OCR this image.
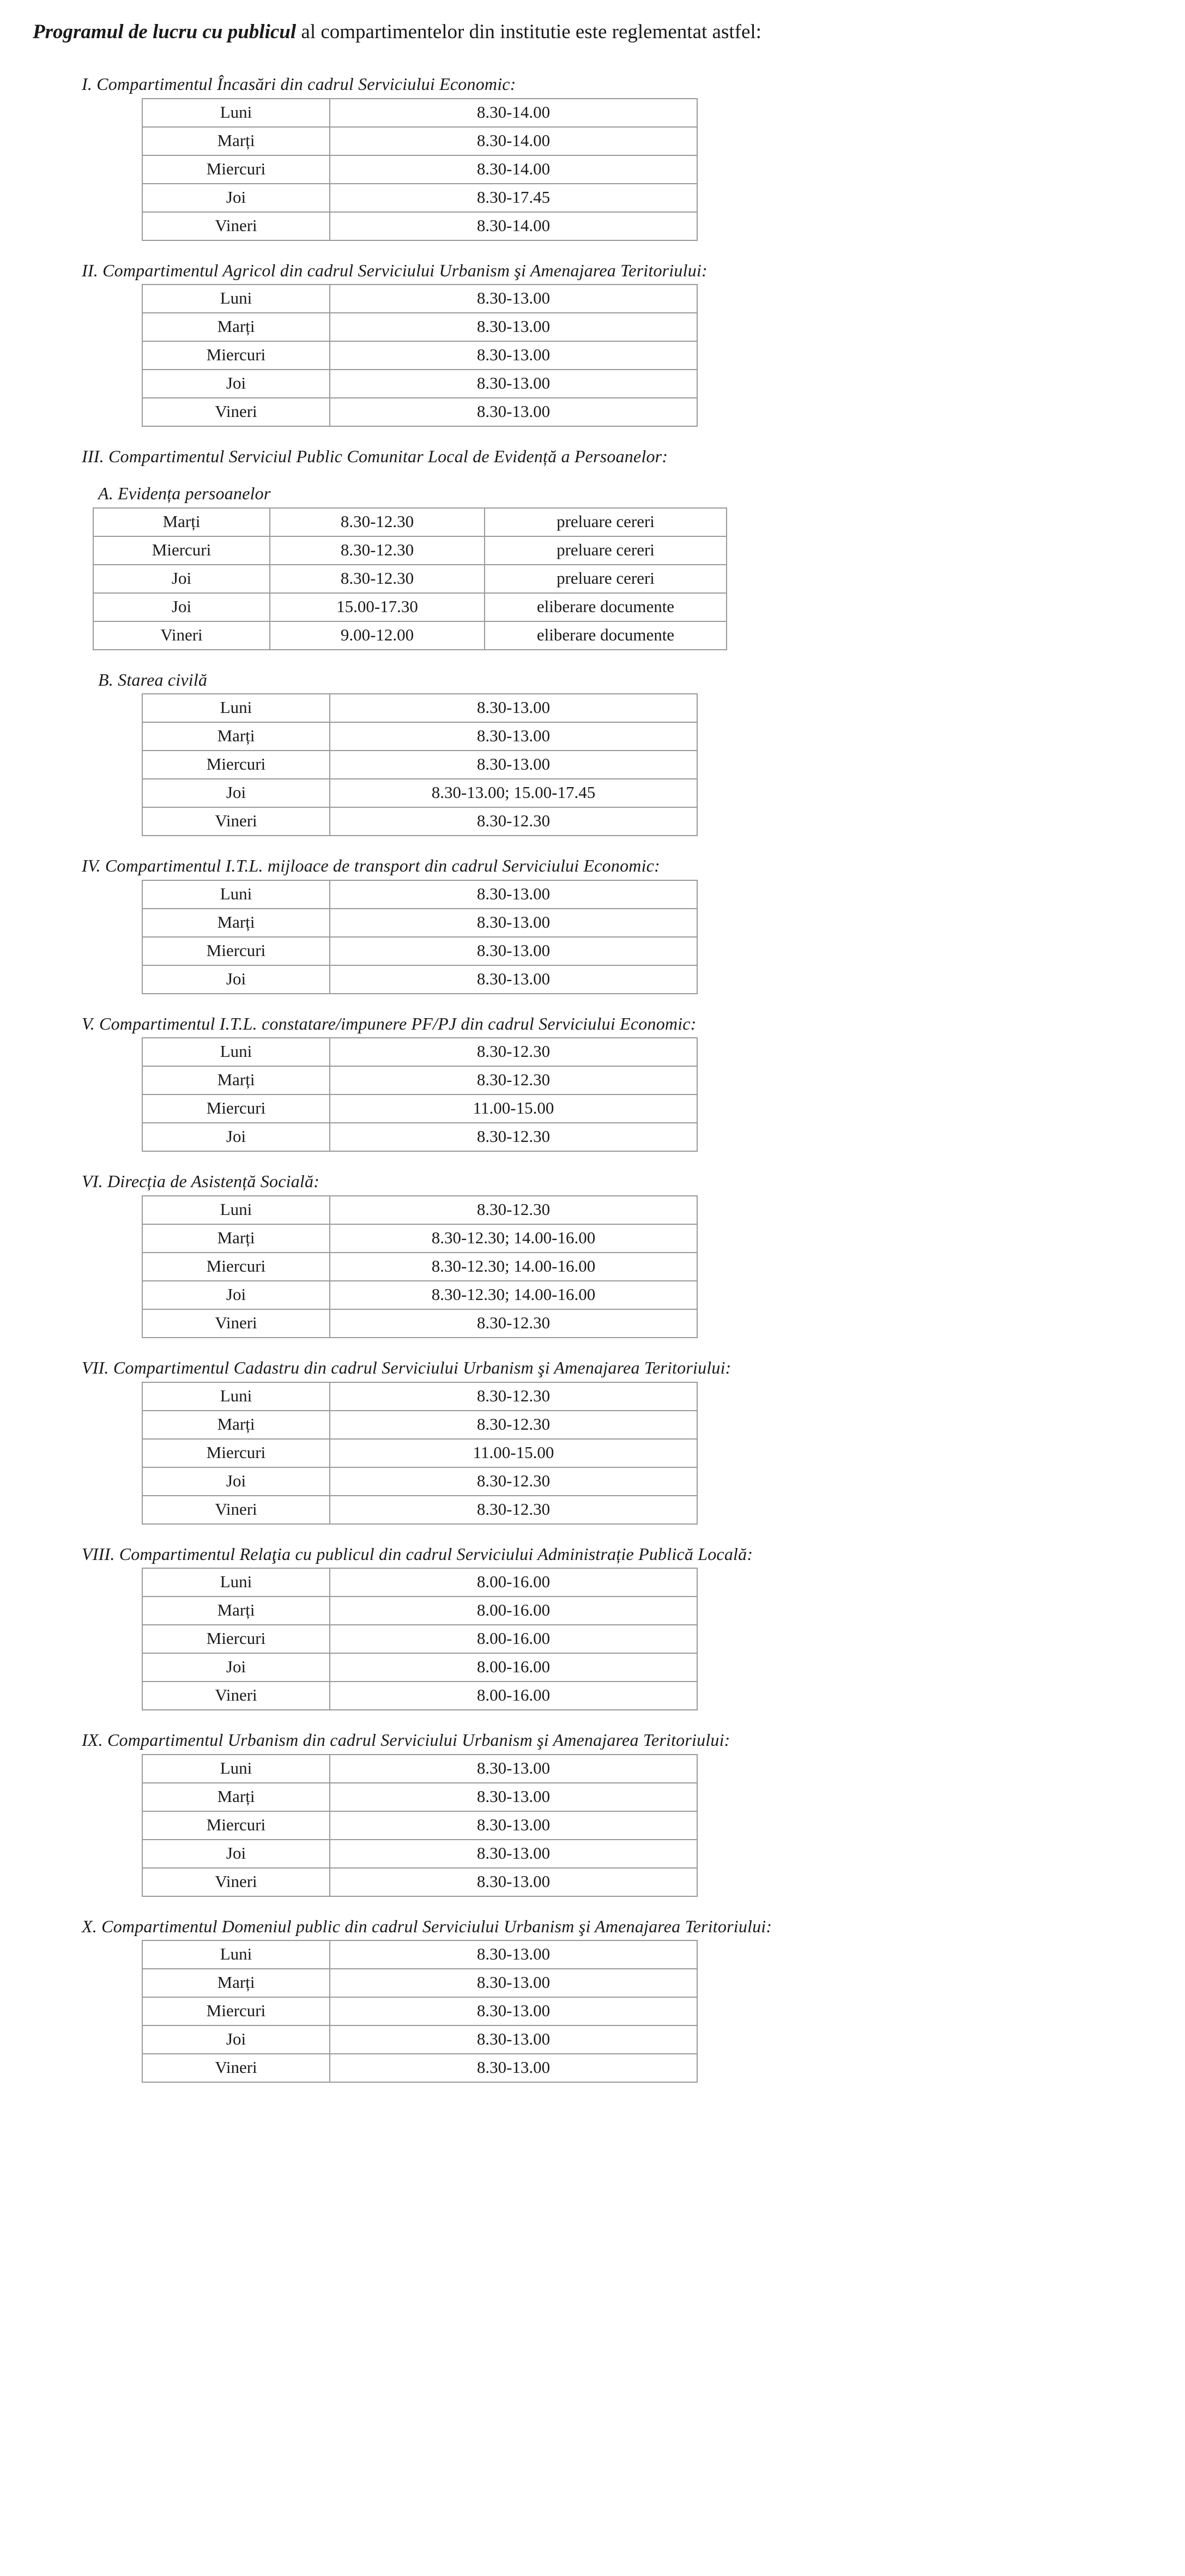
Programul de lucru cu publicul al compartimentelor din institutie este reglementat astfel:

I. Compartimentul Încasări din cadrul Serviciului Economic:
Luni	8.30-14.00
Marți	8.30-14.00
Miercuri	8.30-14.00
Joi	8.30-17.45
Vineri	8.30-14.00
II. Compartimentul Agricol din cadrul Serviciului Urbanism şi Amenajarea Teritoriului:
Luni	8.30-13.00
Marți	8.30-13.00
Miercuri	8.30-13.00
Joi	8.30-13.00
Vineri	8.30-13.00
III. Compartimentul Serviciul Public Comunitar Local de Evidență a Persoanelor:
A. Evidența persoanelor
Marți	8.30-12.30	preluare cereri
Miercuri	8.30-12.30	preluare cereri
Joi	8.30-12.30	preluare cereri
Joi	15.00-17.30	eliberare documente
Vineri	9.00-12.00	eliberare documente
B. Starea civilă
Luni	8.30-13.00
Marți	8.30-13.00
Miercuri	8.30-13.00
Joi	8.30-13.00; 15.00-17.45
Vineri	8.30-12.30
IV. Compartimentul I.T.L. mijloace de transport din cadrul Serviciului Economic:
Luni	8.30-13.00
Marți	8.30-13.00
Miercuri	8.30-13.00
Joi	8.30-13.00
V. Compartimentul I.T.L. constatare/impunere PF/PJ din cadrul Serviciului Economic:
Luni	8.30-12.30
Marți	8.30-12.30
Miercuri	11.00-15.00
Joi	8.30-12.30
VI. Direcția de Asistență Socială:
Luni	8.30-12.30
Marți	8.30-12.30; 14.00-16.00
Miercuri	8.30-12.30; 14.00-16.00
Joi	8.30-12.30; 14.00-16.00
Vineri	8.30-12.30
VII. Compartimentul Cadastru din cadrul Serviciului Urbanism şi Amenajarea Teritoriului:
Luni	8.30-12.30
Marți	8.30-12.30
Miercuri	11.00-15.00
Joi	8.30-12.30
Vineri	8.30-12.30
VIII. Compartimentul Relaţia cu publicul din cadrul Serviciului Administrație Publică Locală:
Luni	8.00-16.00
Marți	8.00-16.00
Miercuri	8.00-16.00
Joi	8.00-16.00
Vineri	8.00-16.00
IX. Compartimentul Urbanism din cadrul Serviciului Urbanism şi Amenajarea Teritoriului:
Luni	8.30-13.00
Marți	8.30-13.00
Miercuri	8.30-13.00
Joi	8.30-13.00
Vineri	8.30-13.00
X. Compartimentul Domeniul public din cadrul Serviciului Urbanism şi Amenajarea Teritoriului:
Luni	8.30-13.00
Marți	8.30-13.00
Miercuri	8.30-13.00
Joi	8.30-13.00
Vineri	8.30-13.00
